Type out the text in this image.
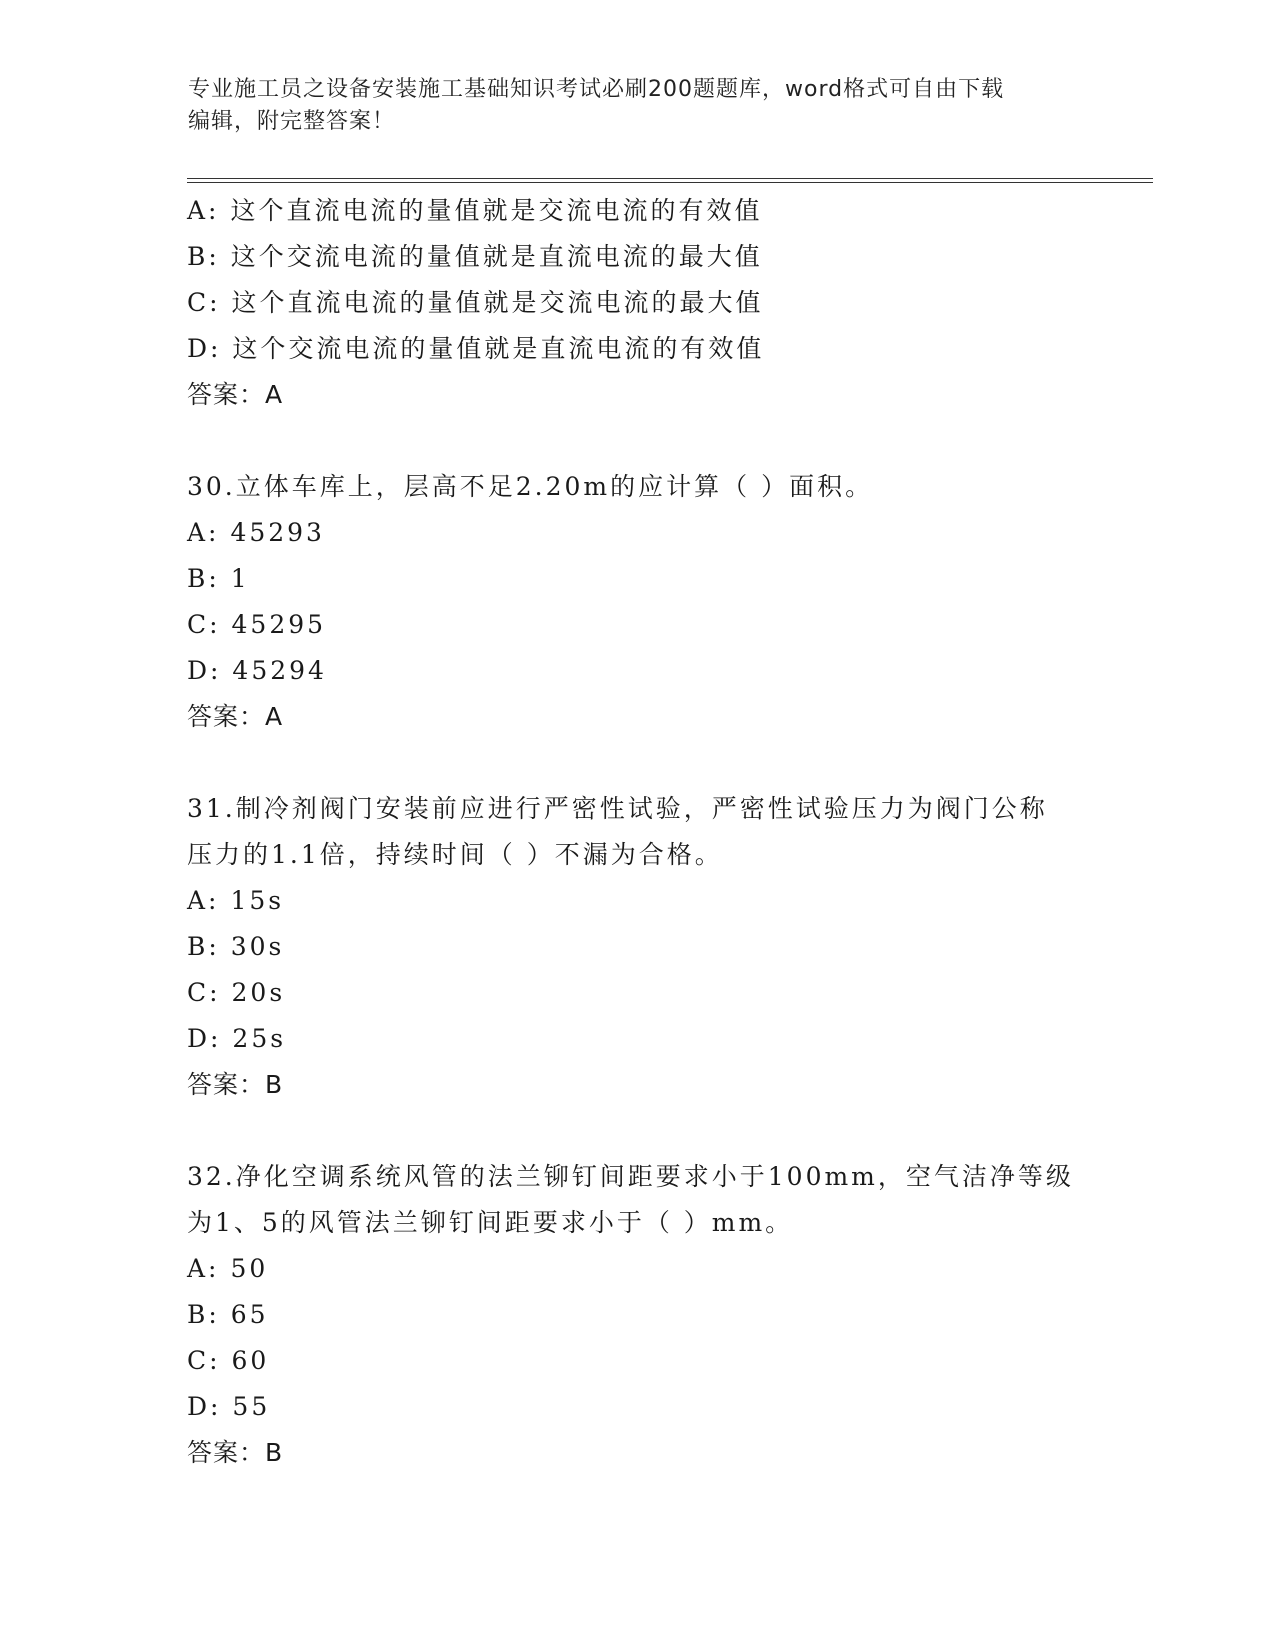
专业施工员之设备安装施工基础知识考试必刷200题题库，word格式可自由下载
编辑，附完整答案！
A: 这个直流电流的量值就是交流电流的有效值
B: 这个交流电流的量值就是直流电流的最大值
C: 这个直流电流的量值就是交流电流的最大值
D: 这个交流电流的量值就是直流电流的有效值
答案：A
30.立体车库上，层高不足2.20m的应计算（ ）面积。
A: 45293
B: 1
C: 45295
D: 45294
答案：A
31.制冷剂阀门安装前应进行严密性试验，严密性试验压力为阀门公称
压力的1.1倍，持续时间（ ）不漏为合格。
A: 15s
B: 30s
C: 20s
D: 25s
答案：B
32.净化空调系统风管的法兰铆钉间距要求小于100mm，空气洁净等级
为1、5的风管法兰铆钉间距要求小于（ ）mm。
A: 50
B: 65
C: 60
D: 55
答案：B
